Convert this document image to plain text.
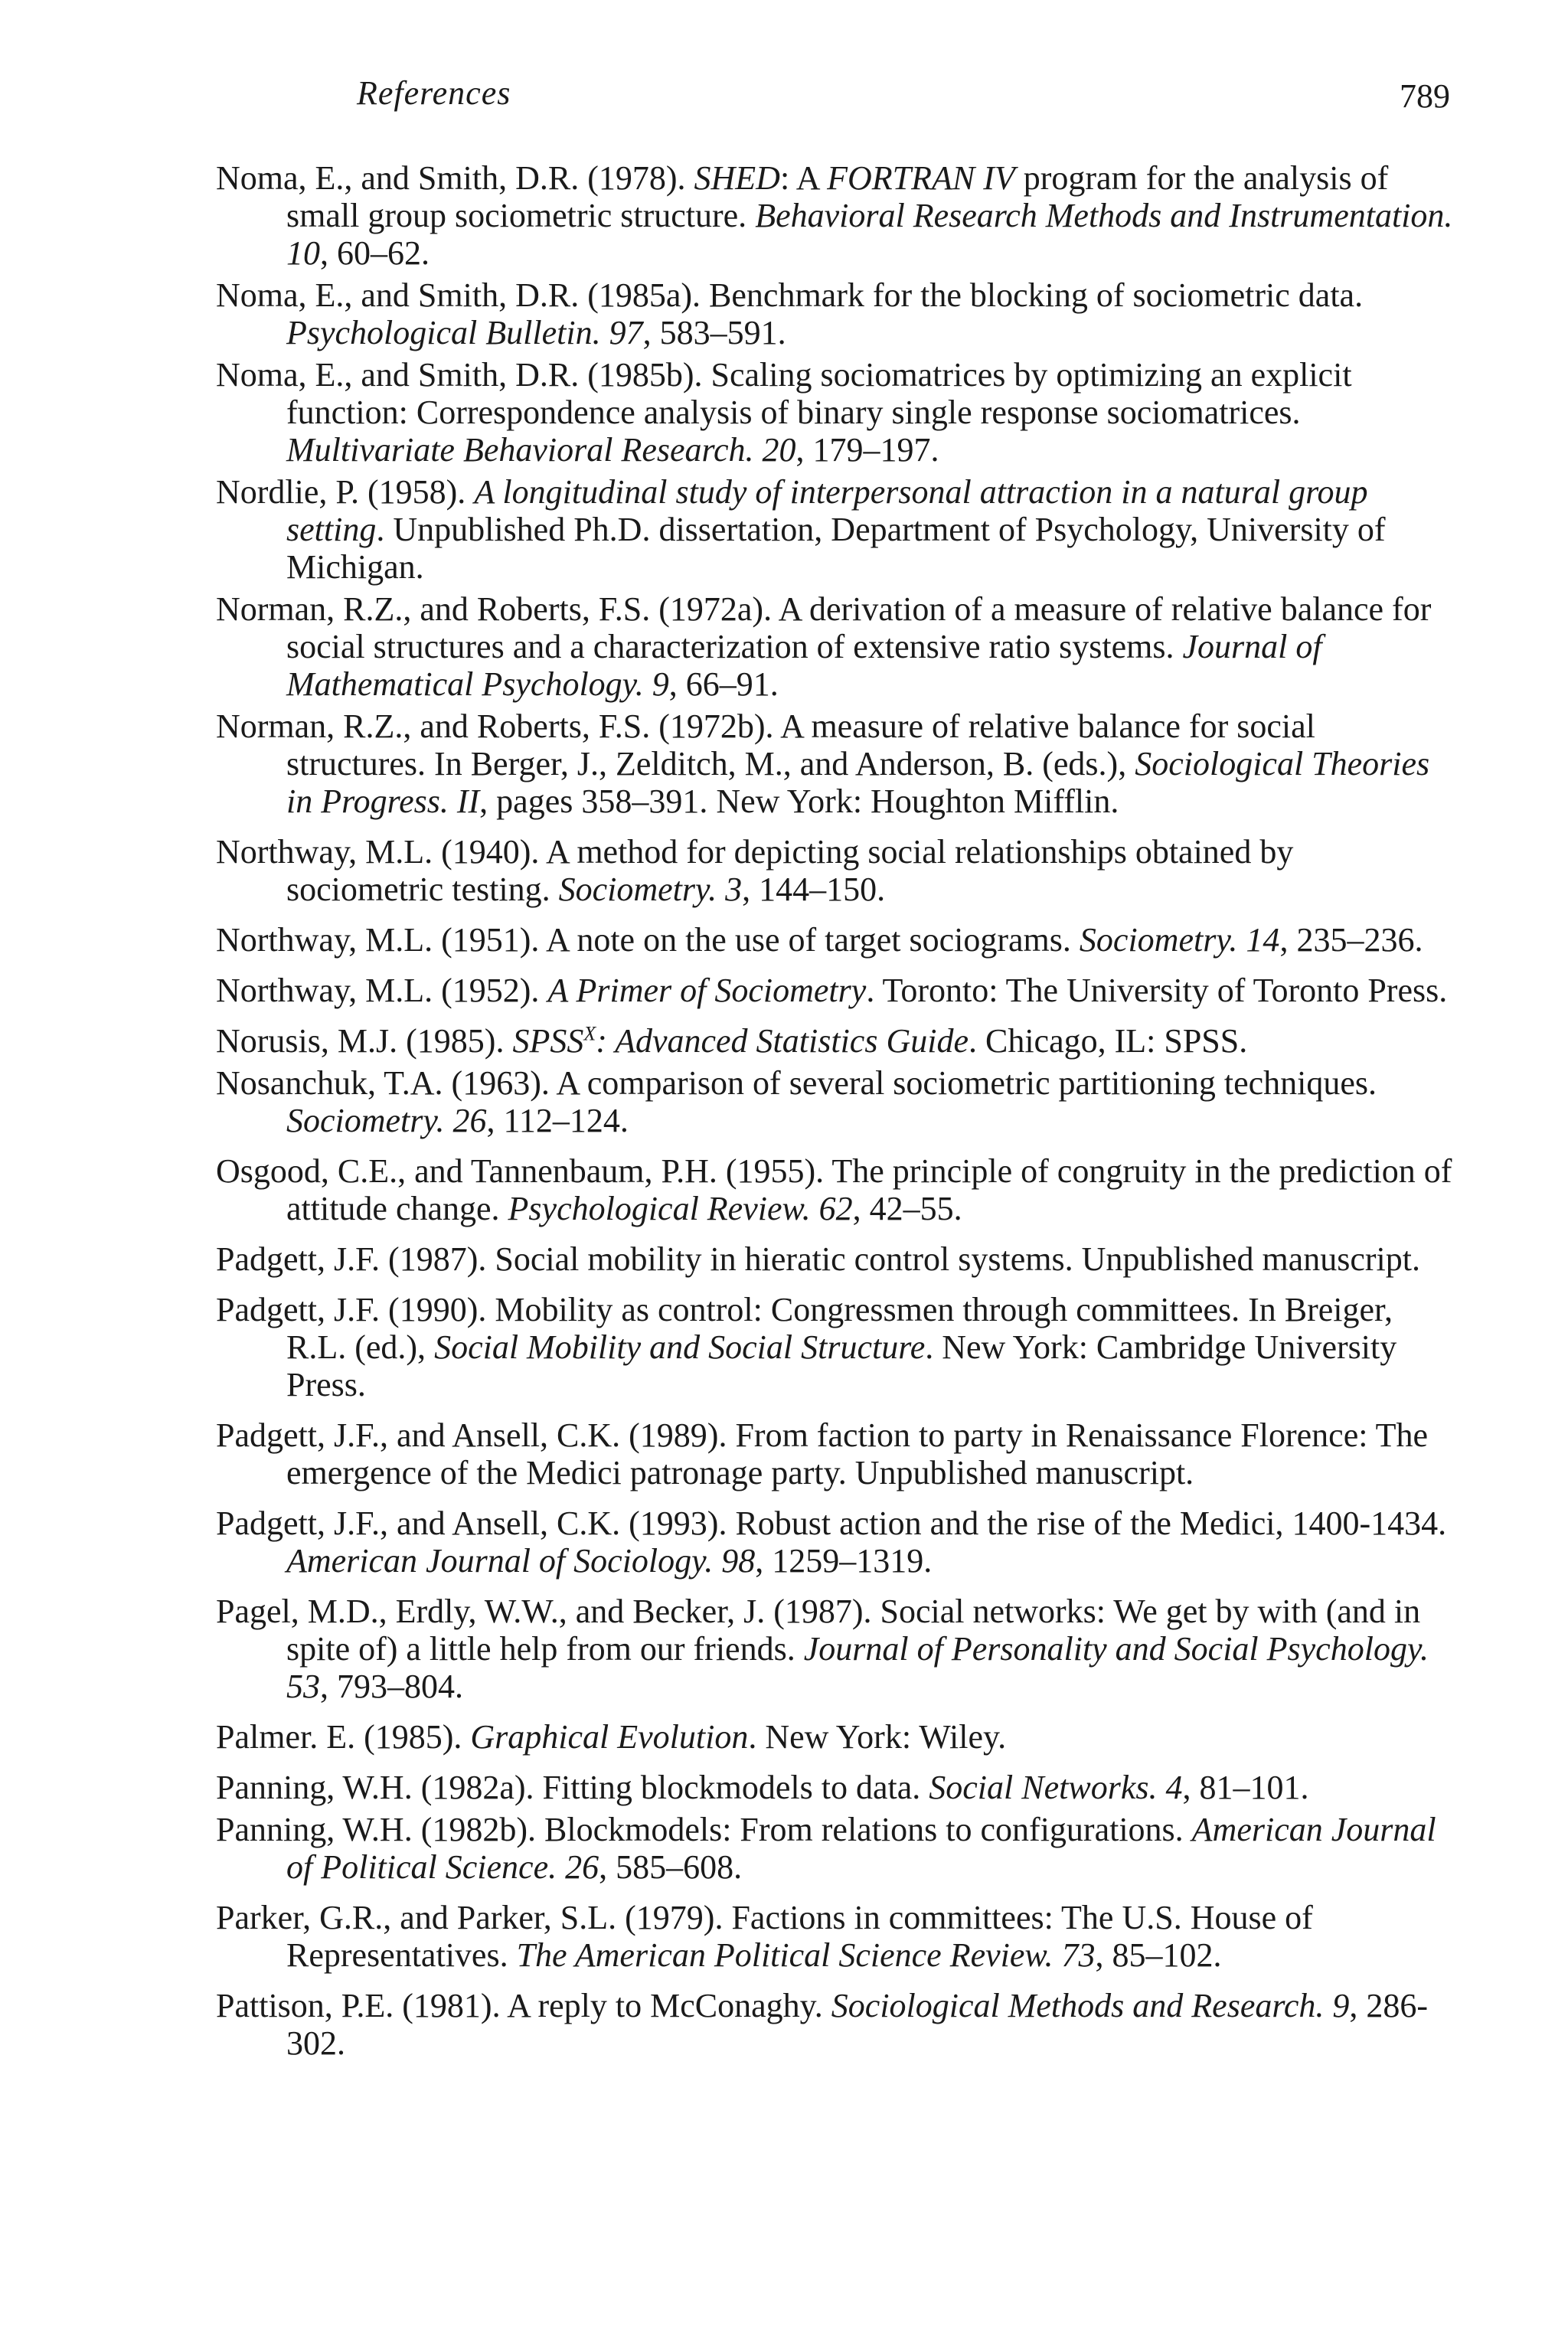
References	789

Noma, E., and Smith, D.R. (1978). SHED: A FORTRAN IV program for the analysis of small group sociometric structure. Behavioral Research Methods and Instrumentation. 10, 60–62.

Noma, E., and Smith, D.R. (1985a). Benchmark for the blocking of sociometric data. Psychological Bulletin. 97, 583–591.

Noma, E., and Smith, D.R. (1985b). Scaling sociomatrices by optimizing an explicit function: Correspondence analysis of binary single response sociomatrices. Multivariate Behavioral Research. 20, 179–197.

Nordlie, P. (1958). A longitudinal study of interpersonal attraction in a natural group setting. Unpublished Ph.D. dissertation, Department of Psychology, University of Michigan.

Norman, R.Z., and Roberts, F.S. (1972a). A derivation of a measure of relative balance for social structures and a characterization of extensive ratio systems. Journal of Mathematical Psychology. 9, 66–91.

Norman, R.Z., and Roberts, F.S. (1972b). A measure of relative balance for social structures. In Berger, J., Zelditch, M., and Anderson, B. (eds.), Sociological Theories in Progress. II, pages 358–391. New York: Houghton Mifflin.

Northway, M.L. (1940). A method for depicting social relationships obtained by sociometric testing. Sociometry. 3, 144–150.

Northway, M.L. (1951). A note on the use of target sociograms. Sociometry. 14, 235–236.

Northway, M.L. (1952). A Primer of Sociometry. Toronto: The University of Toronto Press.

Norusis, M.J. (1985). $SPSS^X$: Advanced Statistics Guide. Chicago, IL: SPSS.

Nosanchuk, T.A. (1963). A comparison of several sociometric partitioning techniques. Sociometry. 26, 112–124.

Osgood, C.E., and Tannenbaum, P.H. (1955). The principle of congruity in the prediction of attitude change. Psychological Review. 62, 42–55.

Padgett, J.F. (1987). Social mobility in hieratic control systems. Unpublished manuscript.

Padgett, J.F. (1990). Mobility as control: Congressmen through committees. In Breiger, R.L. (ed.), Social Mobility and Social Structure. New York: Cambridge University Press.

Padgett, J.F., and Ansell, C.K. (1989). From faction to party in Renaissance Florence: The emergence of the Medici patronage party. Unpublished manuscript.

Padgett, J.F., and Ansell, C.K. (1993). Robust action and the rise of the Medici, 1400-1434. American Journal of Sociology. 98, 1259–1319.

Pagel, M.D., Erdly, W.W., and Becker, J. (1987). Social networks: We get by with (and in spite of) a little help from our friends. Journal of Personality and Social Psychology. 53, 793–804.

Palmer. E. (1985). Graphical Evolution. New York: Wiley.

Panning, W.H. (1982a). Fitting blockmodels to data. Social Networks. 4, 81–101.

Panning, W.H. (1982b). Blockmodels: From relations to configurations. American Journal of Political Science. 26, 585–608.

Parker, G.R., and Parker, S.L. (1979). Factions in committees: The U.S. House of Representatives. The American Political Science Review. 73, 85–102.

Pattison, P.E. (1981). A reply to McConaghy. Sociological Methods and Research. 9, 286-302.
